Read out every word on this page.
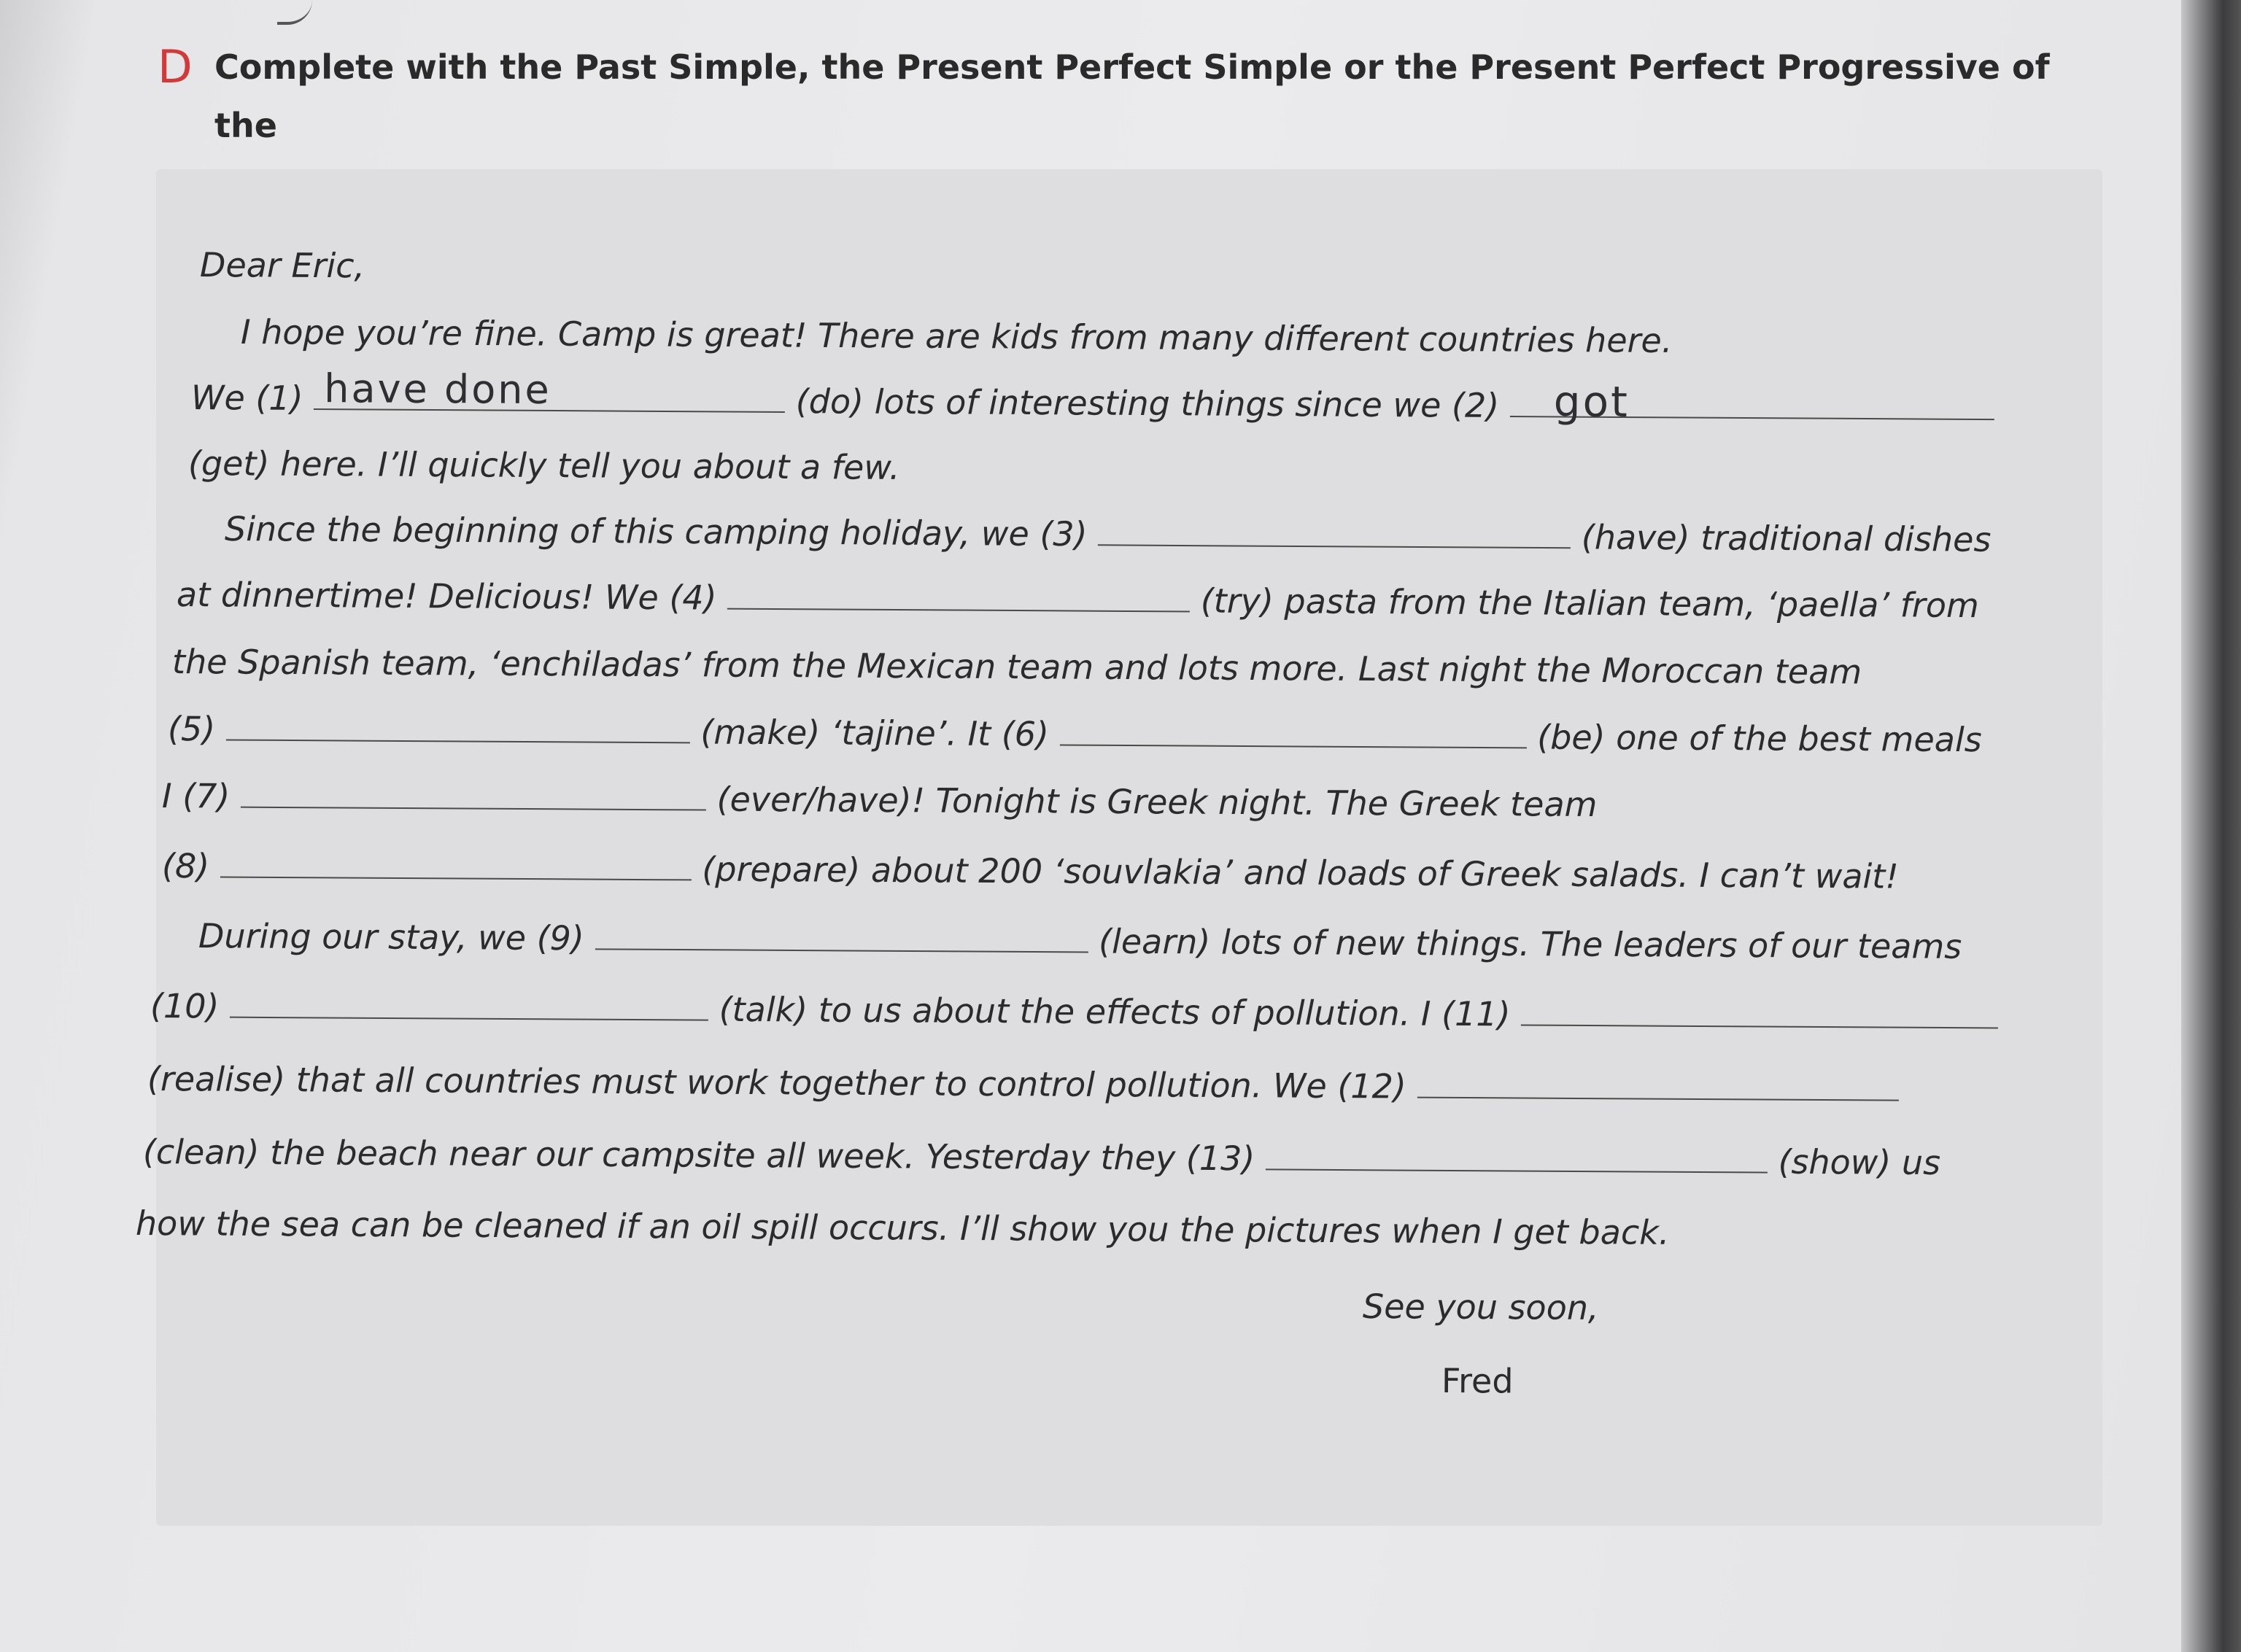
D Complete with the Past Simple, the Present Perfect Simple or the Present Perfect Progressive of the
Dear Eric,
I hope you’re fine. Camp is great! There are kids from many different countries here.
We (1) have done	(do) lots of interesting things since we (2) got
(get) here. I’ll quickly tell you about a few.
Since the beginning of this camping holiday, we (3)	(have) traditional dishes
at dinnertime! Delicious! We (4)	(try) pasta from the Italian team, ‘paella’ from
the Spanish team, ‘enchiladas’ from the Mexican team and lots more. Last night the Moroccan team
(5)	(make) ‘tajine’. It (6)	(be) one of the best meals
I (7)	(ever/have)! Tonight is Greek night. The Greek team
(8)	(prepare) about 200 ‘souvlakia’ and loads of Greek salads. I can’t wait!
During our stay, we (9)	(learn) lots of new things. The leaders of our teams
(10)	(talk) to us about the effects of pollution. I (11)
(realise) that all countries must work together to control pollution. We (12)
(clean) the beach near our campsite all week. Yesterday they (13)	(show) us
how the sea can be cleaned if an oil spill occurs. I’ll show you the pictures when I get back.
See you soon,
Fred
